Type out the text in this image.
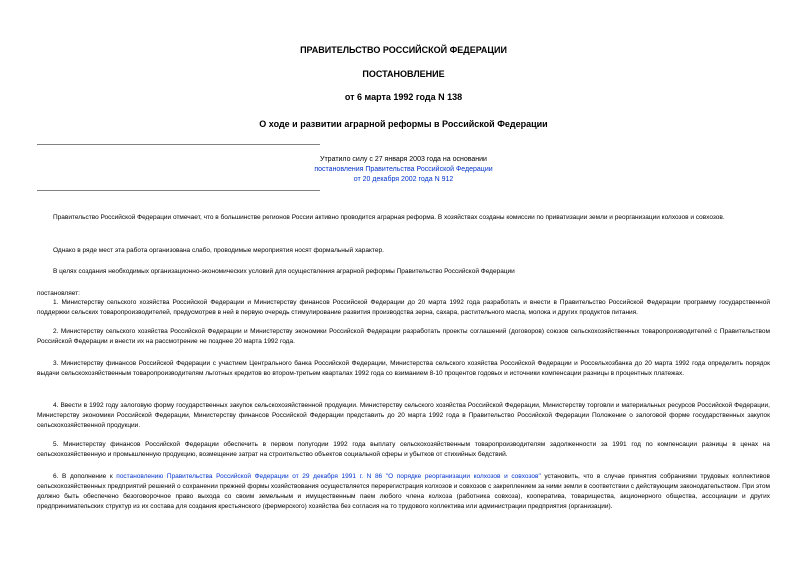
ПРАВИТЕЛЬСТВО РОССИЙСКОЙ ФЕДЕРАЦИИ
ПОСТАНОВЛЕНИЕ
от 6 марта 1992 года N 138
О ходе и развитии аграрной реформы в Российской Федерации
Утратило силу с 27 января 2003 года на основании
постановления Правительства Российской Федерации
от 20 декабря 2002 года N 912
Правительство Российской Федерации отмечает, что в большинстве регионов России активно проводится аграрная реформа. В хозяйствах созданы комиссии по приватизации земли и реорганизации колхозов и совхозов.
Однако в ряде мест эта работа организована слабо, проводимые мероприятия носят формальный характер.
В целях создания необходимых организационно-экономических условий для осуществления аграрной реформы Правительство Российской Федерации
постановляет:
1. Министерству сельского хозяйства Российской Федерации и Министерству финансов Российской Федерации до 20 марта 1992 года разработать и внести в Правительство Российской Федерации программу государственной поддержки сельских товаропроизводителей, предусмотрев в ней в первую очередь стимулирование развития производства зерна, сахара, растительного масла, молока и других продуктов питания.
2. Министерству сельского хозяйства Российской Федерации и Министерству экономики Российской Федерации разработать проекты соглашений (договоров) союзов сельскохозяйственных товаропроизводителей с Правительством Российской Федерации и внести их на рассмотрение не позднее 20 марта 1992 года.
3. Министерству финансов Российской Федерации с участием Центрального банка Российской Федерации, Министерства сельского хозяйства Российской Федерации и Россельхозбанка до 20 марта 1992 года определить порядок выдачи сельскохозяйственным товаропроизводителям льготных кредитов во втором-третьем кварталах 1992 года со взиманием 8-10 процентов годовых и источники компенсации разницы в процентных платежах.
4. Ввести в 1992 году залоговую форму государственных закупок сельскохозяйственной продукции. Министерству сельского хозяйства Российской Федерации, Министерству торговли и материальных ресурсов Российской Федерации, Министерству экономики Российской Федерации, Министерству финансов Российской Федерации представить до 20 марта 1992 года в Правительство Российской Федерации Положение о залоговой форме государственных закупок сельскохозяйственной продукции.
5. Министерству финансов Российской Федерации обеспечить в первом полугодии 1992 года выплату сельскохозяйственным товаропроизводителям задолженности за 1991 год по компенсации разницы в ценах на сельскохозяйственную и промышленную продукцию, возмещение затрат на строительство объектов социальной сферы и убытков от стихийных бедствий.
6. В дополнение к постановлению Правительства Российской Федерации от 29 декабря 1991 г. N 86 "О порядке реорганизации колхозов и совхозов" установить, что в случае принятия собраниями трудовых коллективов сельскохозяйственных предприятий решений о сохранении прежней формы хозяйствования осуществляется перерегистрация колхозов и совхозов с закреплением за ними земли в соответствии с действующим законодательством. При этом должно быть обеспечено безоговорочное право выхода со своим земельным и имущественным паем любого члена колхоза (работника совхоза), кооператива, товарищества, акционерного общества, ассоциации и других предпринимательских структур из их состава для создания крестьянского (фермерского) хозяйства без согласия на то трудового коллектива или администрации предприятия (организации).
